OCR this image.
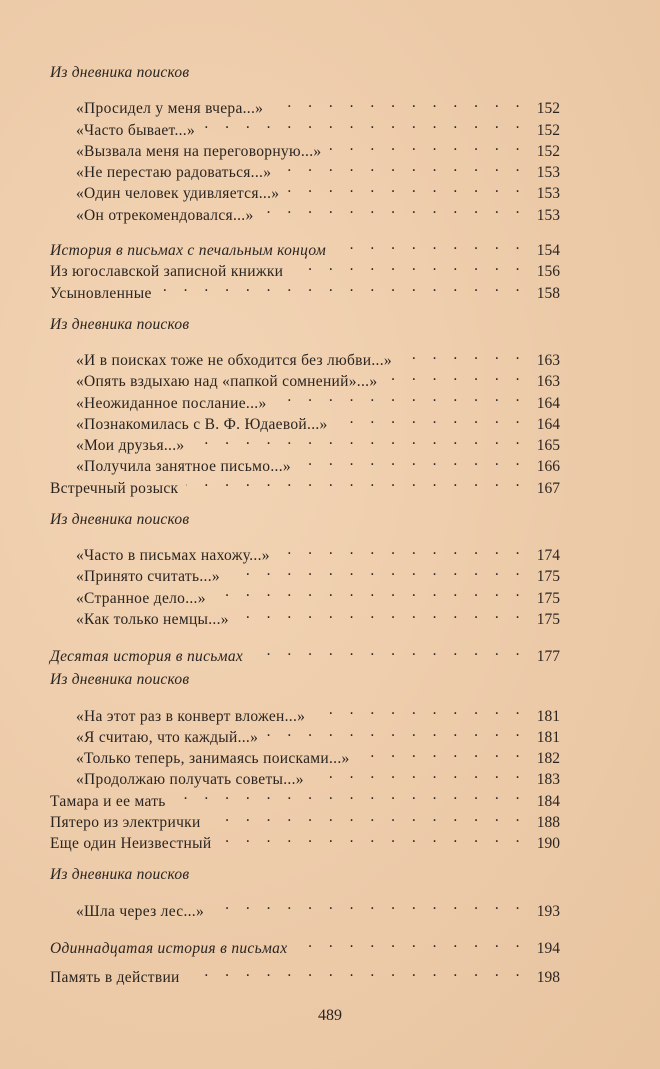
Из дневника поисков
«Просидел у меня вчера...» . . .	152
«Часто бывает...» . . .	152
«Вызвала меня на переговорную...» . . .	152
«Не перестаю радоваться...» . . .	153
«Один человек удивляется...» . . .	153
«Он отрекомендовался...» . . .	153
История в письмах с печальным концом . . .	154
Из югославской записной книжки . . .	156
Усыновленные . . .	158
Из дневника поисков
«И в поисках тоже не обходится без любви...» . . .	163
«Опять вздыхаю над «папкой сомнений»...» . . .	163
«Неожиданное послание...» . . .	164
«Познакомилась с В. Ф. Юдаевой...» . . .	164
«Мои друзья...» . . .	165
«Получила занятное письмо...» . . .	166
Встречный розыск . . .	167
Из дневника поисков
«Часто в письмах нахожу...» . . .	174
«Принято считать...» . . .	175
«Странное дело...» . . .	175
«Как только немцы...» . . .	175
Десятая история в письмах . . .	177
Из дневника поисков
«На этот раз в конверт вложен...» . . .	181
«Я считаю, что каждый...» . . .	181
«Только теперь, занимаясь поисками...» . . .	182
«Продолжаю получать советы...» . . .	183
Тамара и ее мать . . .	184
Пятеро из электрички . . .	188
Еще один Неизвестный . . .	190
Из дневника поисков
«Шла через лес...» . . .	193
Одиннадцатая история в письмах . . .	194
Память в действии . . .	198
489
